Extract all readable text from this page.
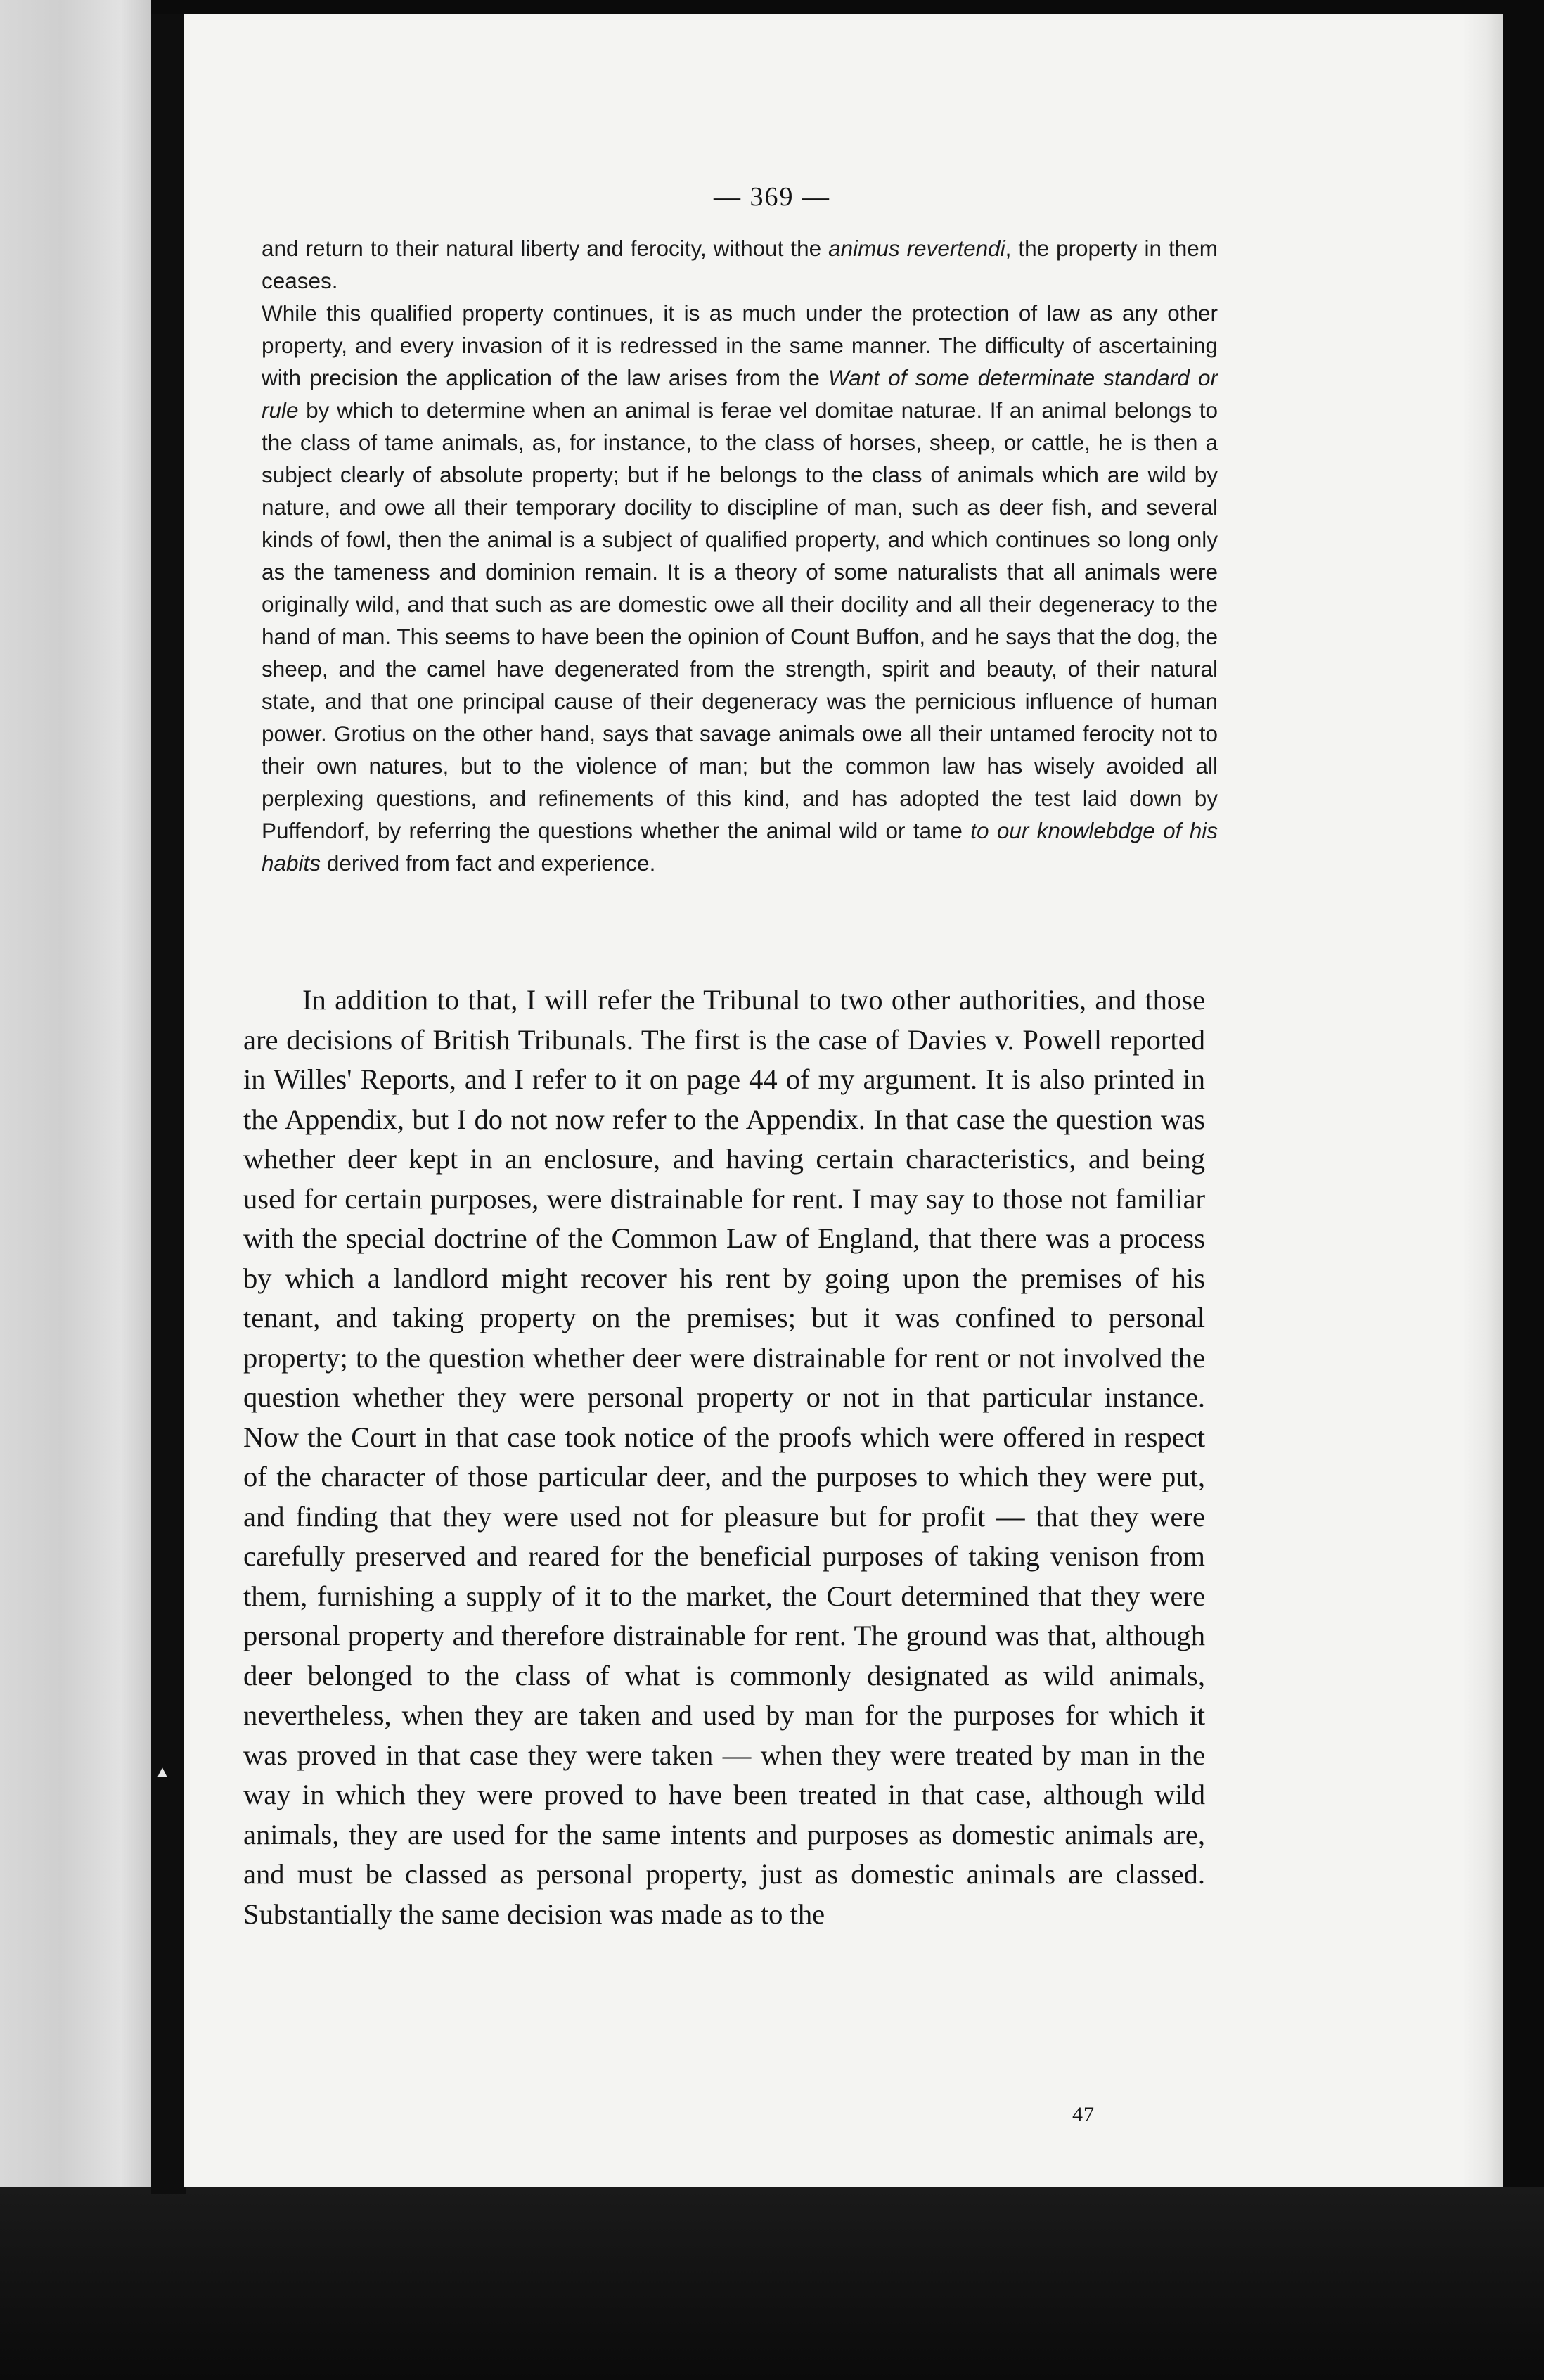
— 369 —

and return to their natural liberty and ferocity, without the animus revertendi, the property in them ceases.

While this qualified property continues, it is as much under the protection of law as any other property, and every invasion of it is redressed in the same manner. The difficulty of ascertaining with precision the application of the law arises from the Want of some determinate standard or rule by which to determine when an animal is ferae vel domitae naturae. If an animal belongs to the class of tame animals, as, for instance, to the class of horses, sheep, or cattle, he is then a subject clearly of absolute property; but if he belongs to the class of animals which are wild by nature, and owe all their temporary docility to discipline of man, such as deer fish, and several kinds of fowl, then the animal is a subject of qualified property, and which continues so long only as the tameness and dominion remain. It is a theory of some naturalists that all animals were originally wild, and that such as are domestic owe all their docility and all their degeneracy to the hand of man. This seems to have been the opinion of Count Buffon, and he says that the dog, the sheep, and the camel have degenerated from the strength, spirit and beauty, of their natural state, and that one principal cause of their degeneracy was the pernicious influence of human power. Grotius on the other hand, says that savage animals owe all their untamed ferocity not to their own natures, but to the violence of man; but the common law has wisely avoided all perplexing questions, and refinements of this kind, and has adopted the test laid down by Puffendorf, by referring the questions whether the animal wild or tame to our knowlebdge of his habits derived from fact and experience.

In addition to that, I will refer the Tribunal to two other authorities, and those are decisions of British Tribunals. The first is the case of Davies v. Powell reported in Willes' Reports, and I refer to it on page 44 of my argument. It is also printed in the Appendix, but I do not now refer to the Appendix. In that case the question was whether deer kept in an enclosure, and having certain characteristics, and being used for certain purposes, were distrainable for rent. I may say to those not familiar with the special doctrine of the Common Law of England, that there was a process by which a landlord might recover his rent by going upon the premises of his tenant, and taking property on the premises; but it was confined to personal property; to the question whether deer were distrainable for rent or not involved the question whether they were personal property or not in that particular instance. Now the Court in that case took notice of the proofs which were offered in respect of the character of those particular deer, and the purposes to which they were put, and finding that they were used not for pleasure but for profit — that they were carefully preserved and reared for the beneficial purposes of taking venison from them, furnishing a supply of it to the market, the Court determined that they were personal property and therefore distrainable for rent. The ground was that, although deer belonged to the class of what is commonly designated as wild animals, nevertheless, when they are taken and used by man for the purposes for which it was proved in that case they were taken — when they were treated by man in the way in which they were proved to have been treated in that case, although wild animals, they are used for the same intents and purposes as domestic animals are, and must be classed as personal property, just as domestic animals are classed. Substantially the same decision was made as to the

▲
47
